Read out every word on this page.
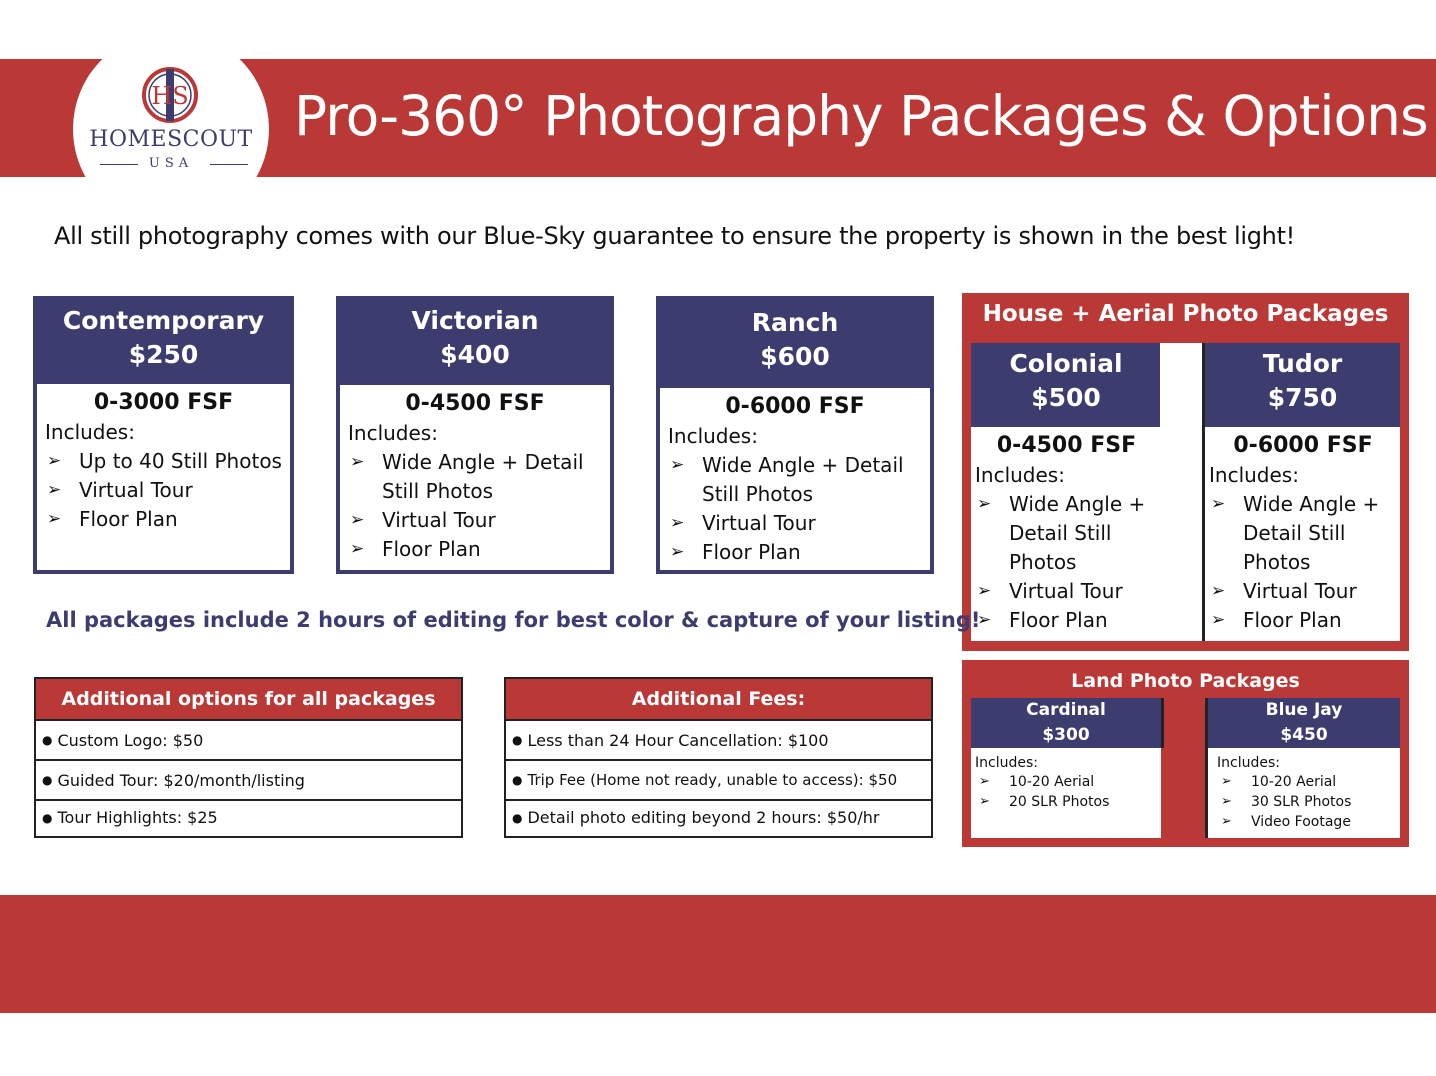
HS
HOMESCOUT
USA
Pro-360° Photography Packages & Options
All still photography comes with our Blue-Sky guarantee to ensure the property is shown in the best light!
Contemporary
$250
0-3000 FSF
Includes:
➢ Up to 40 Still Photos
➢ Virtual Tour
➢ Floor Plan
Victorian
$400
0-4500 FSF
Includes:
➢ Wide Angle + Detail Still Photos
➢ Virtual Tour
➢ Floor Plan
Ranch
$600
0-6000 FSF
Includes:
➢ Wide Angle + Detail Still Photos
➢ Virtual Tour
➢ Floor Plan
House + Aerial Photo Packages
Colonial
$500
0-4500 FSF
Includes:
➢ Wide Angle + Detail Still Photos
➢ Virtual Tour
➢ Floor Plan
Tudor
$750
0-6000 FSF
Includes:
➢ Wide Angle + Detail Still Photos
➢ Virtual Tour
➢ Floor Plan
All packages include 2 hours of editing for best color & capture of your listing!
Additional options for all packages
● Custom Logo: $50
● Guided Tour: $20/month/listing
● Tour Highlights: $25
Additional Fees:
● Less than 24 Hour Cancellation: $100
● Trip Fee (Home not ready, unable to access): $50
● Detail photo editing beyond 2 hours: $50/hr
Land Photo Packages
Cardinal
$300
Includes:
➢ 10-20 Aerial
➢ 20 SLR Photos
Blue Jay
$450
Includes:
➢ 10-20 Aerial
➢ 30 SLR Photos
➢ Video Footage
